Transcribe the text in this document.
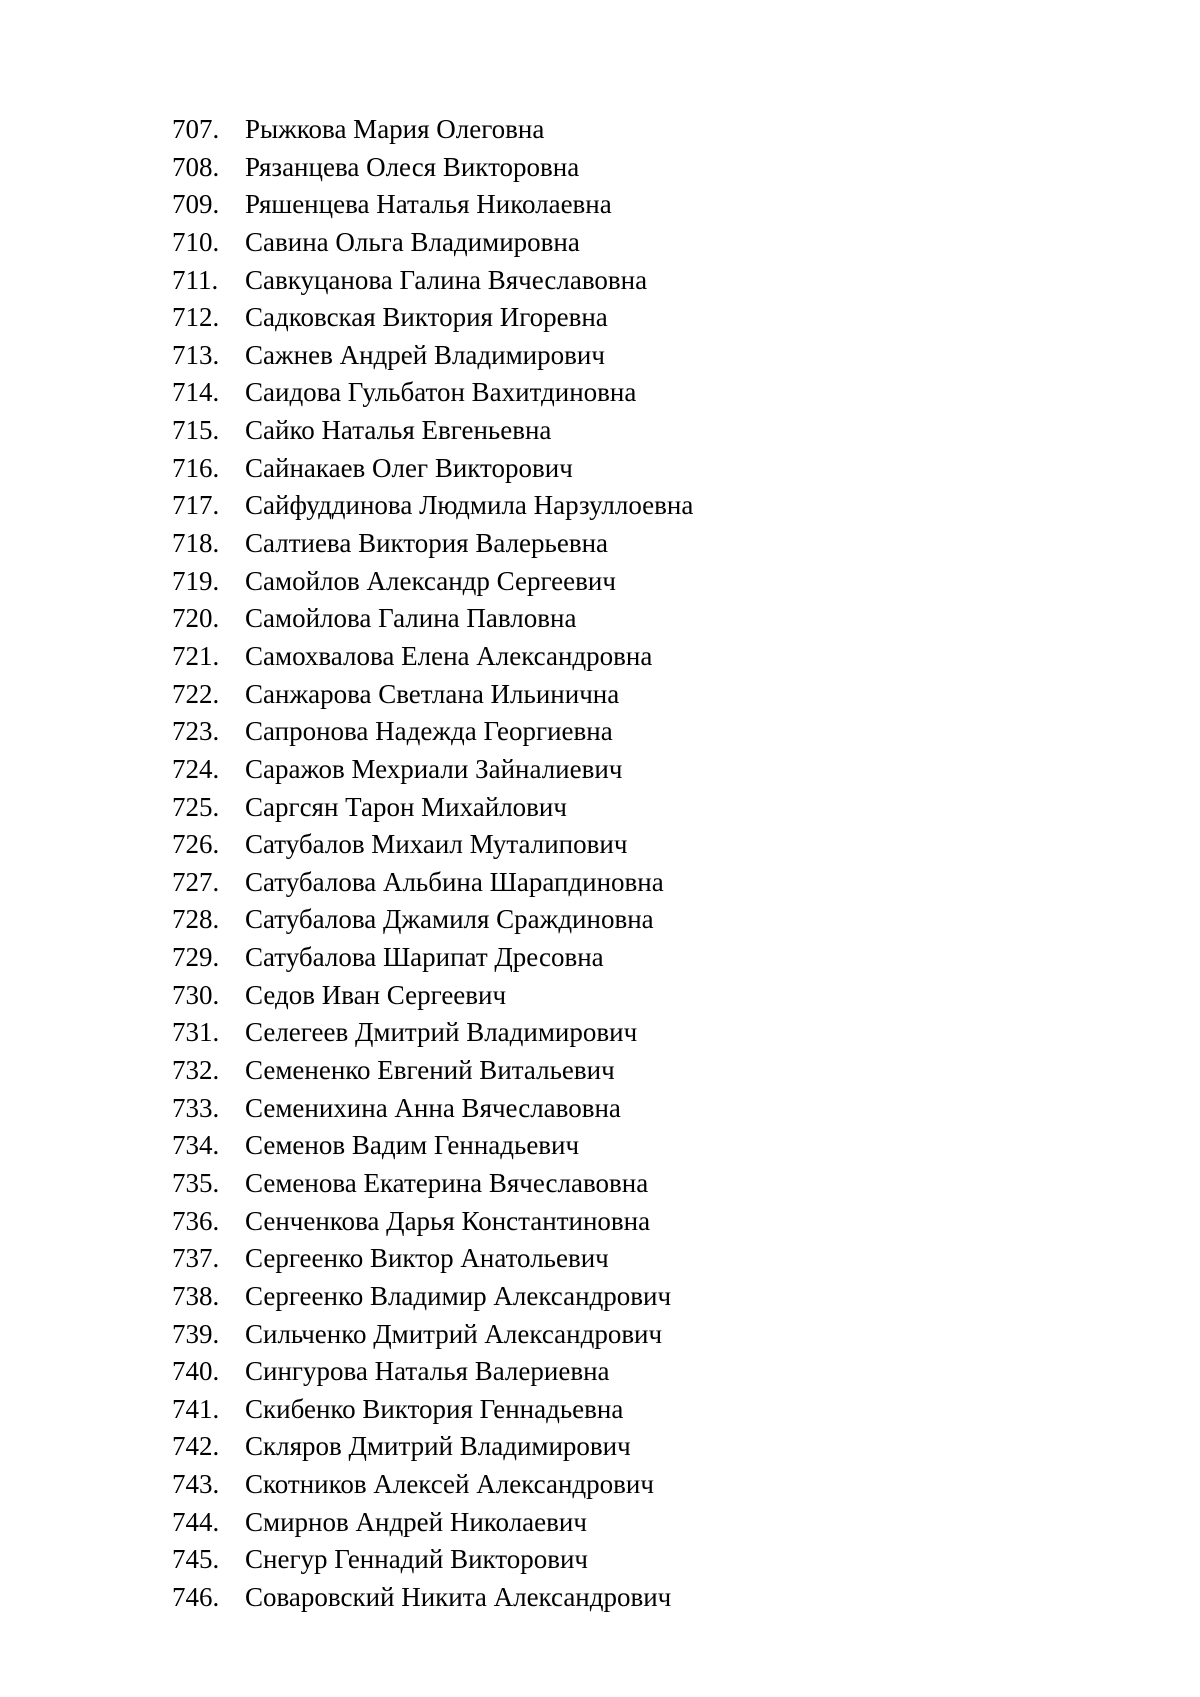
707. Рыжкова Мария Олеговна
708. Рязанцева Олеся Викторовна
709. Ряшенцева Наталья Николаевна
710. Савина Ольга Владимировна
711. Савкуцанова Галина Вячеславовна
712. Садковская Виктория Игоревна
713. Сажнев Андрей Владимирович
714. Саидова Гульбатон Вахитдиновна
715. Сайко Наталья Евгеньевна
716. Сайнакаев Олег Викторович
717. Сайфуддинова Людмила Нарзуллоевна
718. Салтиева Виктория Валерьевна
719. Самойлов Александр Сергеевич
720. Самойлова Галина Павловна
721. Самохвалова Елена Александровна
722. Санжарова Светлана Ильинична
723. Сапронова Надежда Георгиевна
724. Саражов Мехриали Зайналиевич
725. Саргсян Тарон Михайлович
726. Сатубалов Михаил Муталипович
727. Сатубалова Альбина Шарапдиновна
728. Сатубалова Джамиля Сраждиновна
729. Сатубалова Шарипат Дресовна
730. Седов Иван Сергеевич
731. Селегеев Дмитрий Владимирович
732. Семененко Евгений Витальевич
733. Семенихина Анна Вячеславовна
734. Семенов Вадим Геннадьевич
735. Семенова Екатерина Вячеславовна
736. Сенченкова Дарья Константиновна
737. Сергеенко Виктор Анатольевич
738. Сергеенко Владимир Александрович
739. Сильченко Дмитрий Александрович
740. Сингурова Наталья Валериевна
741. Скибенко Виктория Геннадьевна
742. Скляров Дмитрий Владимирович
743. Скотников Алексей Александрович
744. Смирнов Андрей Николаевич
745. Снегур Геннадий Викторович
746. Соваровский Никита Александрович
